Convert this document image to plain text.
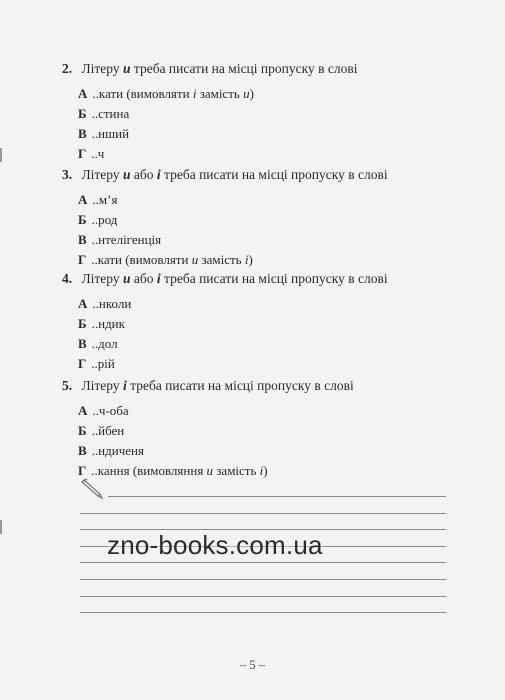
2. Літеру и треба писати на місці пропуску в слові
А ..кати (вимовляти і замість и)
Б ..стина
В ..нший
Г ..ч
3. Літеру и або і треба писати на місці пропуску в слові
А ..м’я
Б ..род
В ..нтелігенція
Г ..кати (вимовляти и замість і)
4. Літеру и або і треба писати на місці пропуску в слові
А ..нколи
Б ..ндик
В ..дол
Г ..рій
5. Літеру і треба писати на місці пропуску в слові
А ..ч-оба
Б ..йбен
В ..ндиченя
Г ..кання (вимовляння и замість і)
zno-books.com.ua
– 5 –
